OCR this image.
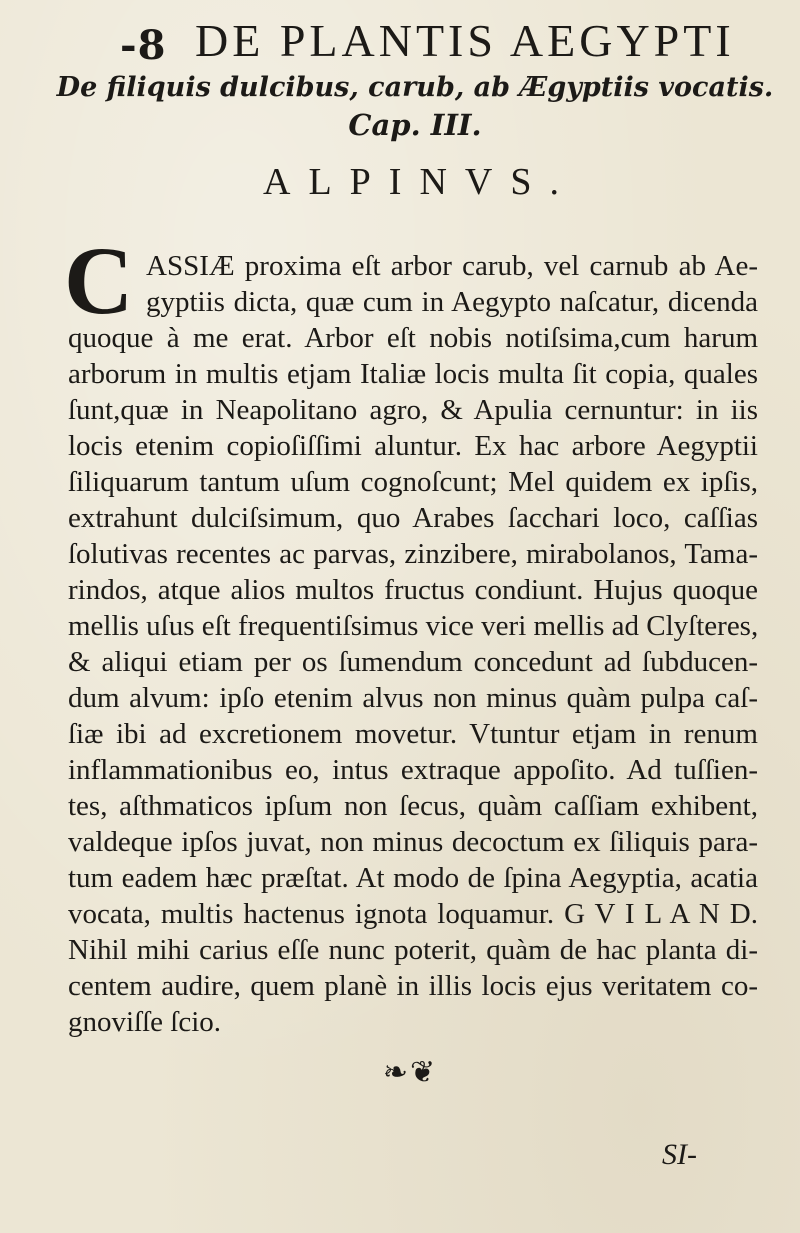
-8 DE PLANTIS AEGYPTI
De filiquis dulcibus, carub, ab Ægyptiis vocatis.
Cap. III.
ALPINVS.
C ASSIÆ proxima eſt arbor carub, vel carnub ab Ae-
gyptiis dicta, quæ cum in Aegypto naſcatur, dicenda
quoque à me erat. Arbor eſt nobis notiſsima,cum harum
arborum in multis etjam Italiæ locis multa ſit copia, quales
ſunt,quæ in Neapolitano agro, & Apulia cernuntur: in iis
locis etenim copioſiſſimi aluntur. Ex hac arbore Aegyptii
ſiliquarum tantum uſum cognoſcunt; Mel quidem ex ipſis,
extrahunt dulciſsimum, quo Arabes ſacchari loco, caſſias
ſolutivas recentes ac parvas, zinzibere, mirabolanos, Tama-
rindos, atque alios multos fructus condiunt. Hujus quoque
mellis uſus eſt frequentiſsimus vice veri mellis ad Clyſteres,
& aliqui etiam per os ſumendum concedunt ad ſubducen-
dum alvum: ipſo etenim alvus non minus quàm pulpa caſ-
ſiæ ibi ad excretionem movetur. Vtuntur etjam in renum
inflammationibus eo, intus extraque appoſito. Ad tuſſien-
tes, aſthmaticos ipſum non ſecus, quàm caſſiam exhibent,
valdeque ipſos juvat, non minus decoctum ex ſiliquis para-
tum eadem hæc præſtat. At modo de ſpina Aegyptia, acatia
vocata, multis hactenus ignota loquamur. G V I L A N D.
Nihil mihi carius eſſe nunc poterit, quàm de hac planta di-
centem audire, quem planè in illis locis ejus veritatem co-
gnoviſſe ſcio.
❧❦
SI-
